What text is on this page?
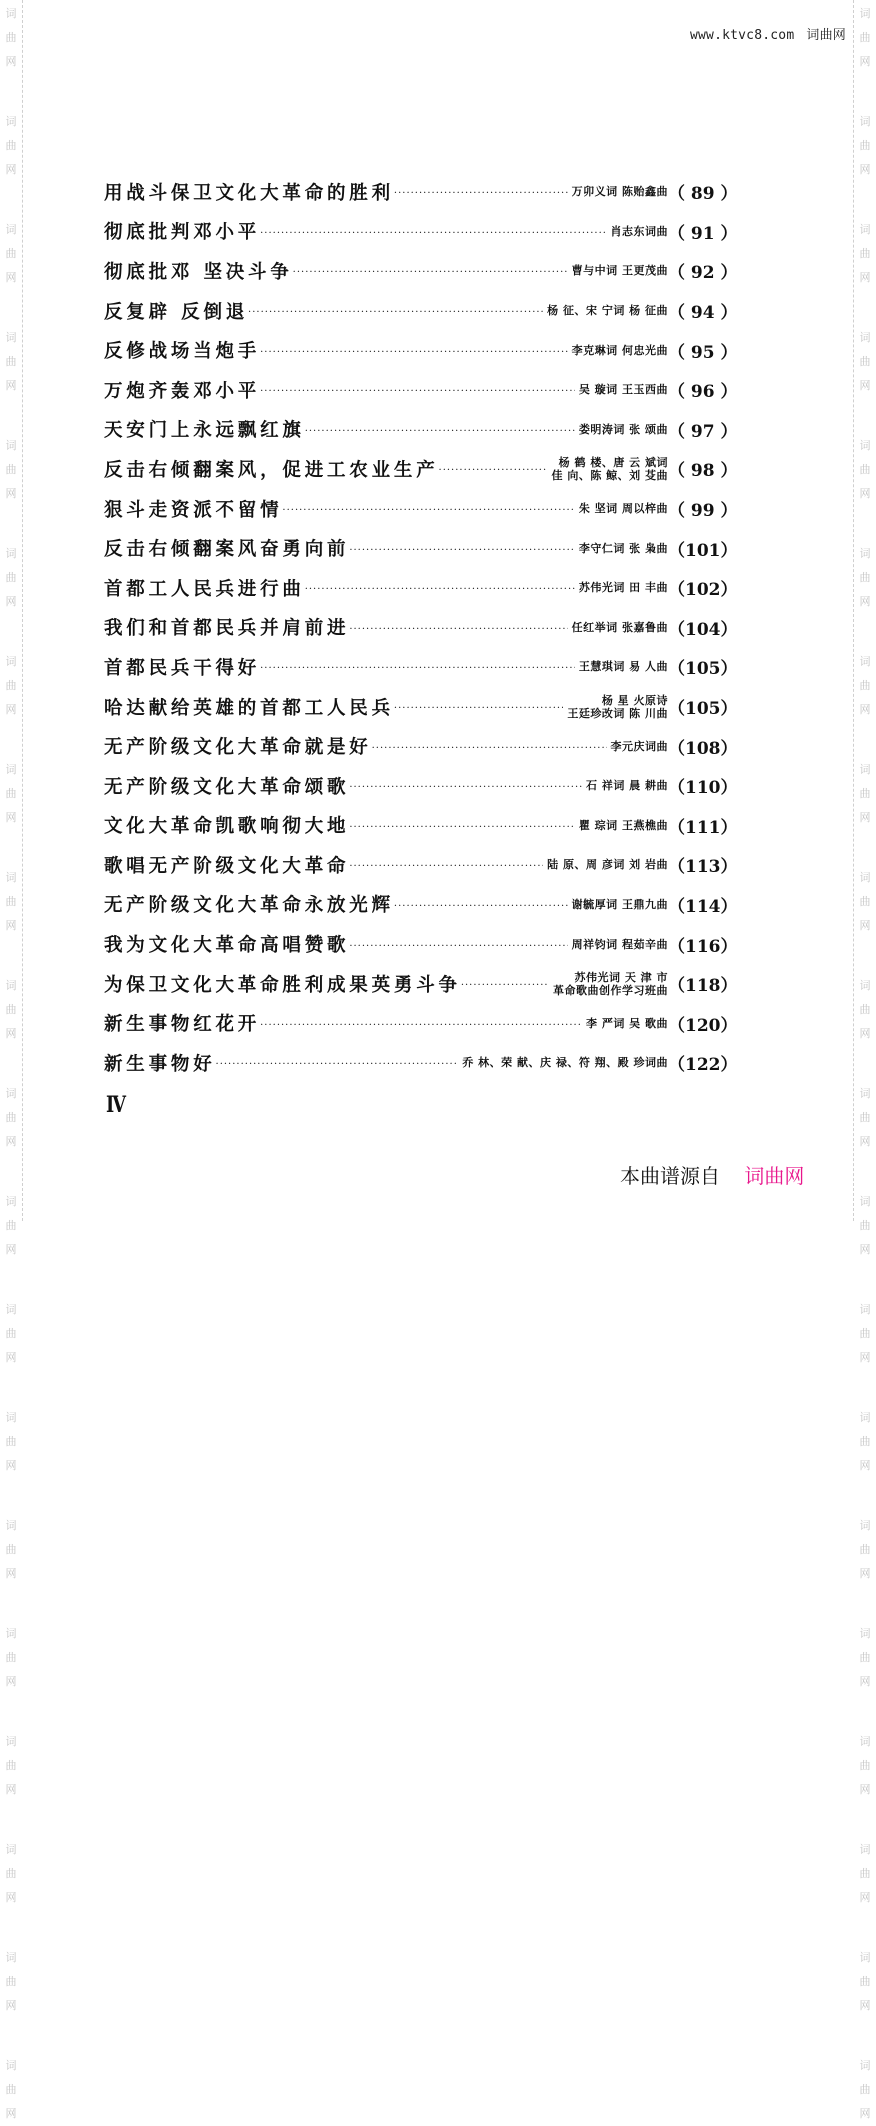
词
曲
网
词
曲
网
词
曲
网
词
曲
网
词
曲
网
词
曲
网
词
曲
网
词
曲
网
词
曲
网
词
曲
网
词
曲
网
词
曲
网
词
曲
网
词
曲
网
词
曲
网
词
曲
网
词
曲
网
词
曲
网
词
曲
网
词
曲
网
词
曲
网
词
曲
网
词
曲
网
词
曲
网
词
曲
网
词
曲
网
词
曲
网
词
曲
网
词
曲
网
词
曲
网
词
曲
网
词
曲
网
词
曲
网
词
曲
网
词
曲
网
词
曲
网
词
曲
网
词
曲
网
词
曲
网
词
曲
网
www.ktvc8.com 词曲网
用战斗保卫文化大革命的胜利 ·····	万卯义词 陈贻鑫曲 （ 89 ）
彻底批判邓小平 ·····	肖志东词曲 （ 91 ）
彻底批邓 坚决斗争 ·····	曹与中词 王更茂曲 （ 92 ）
反复辟 反倒退 ·····	杨 征、宋 宁词 杨 征曲 （ 94 ）
反修战场当炮手 ·····	李克琳词 何忠光曲 （ 95 ）
万炮齐轰邓小平 ·····	吴 璇词 王玉西曲 （ 96 ）
天安门上永远飘红旗 ·····	娄明涛词 张 颂曲 （ 97 ）
反击右倾翻案风，促进工农业生产
·····	杨 鹤 楼、唐 云 斌词
佳 向、陈 鲸、刘 芟曲 （ 98 ）
狠斗走资派不留情 ·····	朱 坚词 周以梓曲 （ 99 ）
反击右倾翻案风奋勇向前 ·····	李守仁词 张 枭曲 （101）
首都工人民兵进行曲 ·····	苏伟光词 田 丰曲 （102）
我们和首都民兵并肩前进 ·····	任红举词 张嘉鲁曲 （104）
首都民兵干得好 ·····	王慧琪词 易 人曲 （105）
哈达献给英雄的首都工人民兵
·····	杨 星 火原诗
王廷珍改词 陈 川曲 （105）
无产阶级文化大革命就是好 ·····	李元庆词曲 （108）
无产阶级文化大革命颂歌 ·····	石 祥词 晨 耕曲 （110）
文化大革命凯歌响彻大地 ·····	瞿 琮词 王燕樵曲 （111）
歌唱无产阶级文化大革命 ·····	陆 原、周 彦词 刘 岩曲 （113）
无产阶级文化大革命永放光辉 ·····	谢毓厚词 王鼎九曲 （114）
我为文化大革命高唱赞歌 ·····	周祥钧词 程茹辛曲 （116）
为保卫文化大革命胜利成果英勇斗争
·····	苏伟光词 天 津 市
革命歌曲创作学习班曲 （118）
新生事物红花开 ·····	李 严词 吴 歌曲 （120）
新生事物好 ·····	乔 林、荣 献、庆 禄、符 翔、殿 珍词曲 （122）
Ⅳ
本曲谱源自 词曲网
